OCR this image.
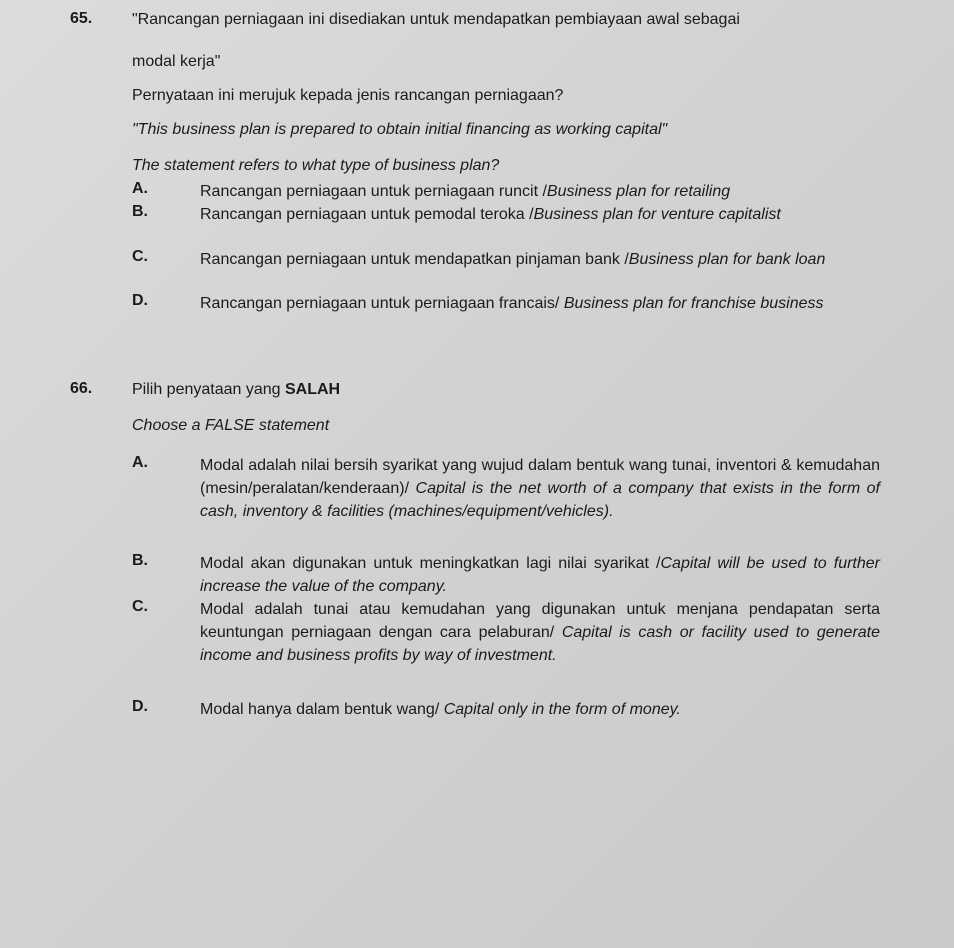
65. "Rancangan perniagaan ini disediakan untuk mendapatkan pembiayaan awal sebagai
modal kerja"
Pernyataan ini merujuk kepada jenis rancangan perniagaan?
"This business plan is prepared to obtain initial financing as working capital"
The statement refers to what type of business plan?
A.	Rancangan perniagaan untuk perniagaan runcit /Business plan for retailing
B.	Rancangan perniagaan untuk pemodal teroka /Business plan for venture capitalist
C.	Rancangan perniagaan untuk mendapatkan pinjaman bank /Business plan for bank loan
D.	Rancangan perniagaan untuk perniagaan francais/ Business plan for franchise business
66. Pilih penyataan yang SALAH
Choose a FALSE statement
A.	Modal adalah nilai bersih syarikat yang wujud dalam bentuk wang tunai, inventori & kemudahan (mesin/peralatan/kenderaan)/ Capital is the net worth of a company that exists in the form of cash, inventory & facilities (machines/equipment/vehicles).
B.	Modal akan digunakan untuk meningkatkan lagi nilai syarikat /Capital will be used to further increase the value of the company.
Modal adalah tunai atau kemudahan yang digunakan untuk menjana pendapatan serta keuntungan perniagaan dengan cara pelaburan/ Capital is cash or facility used to generate income and business profits by way of investment.
C.
D.	Modal hanya dalam bentuk wang/ Capital only in the form of money.
